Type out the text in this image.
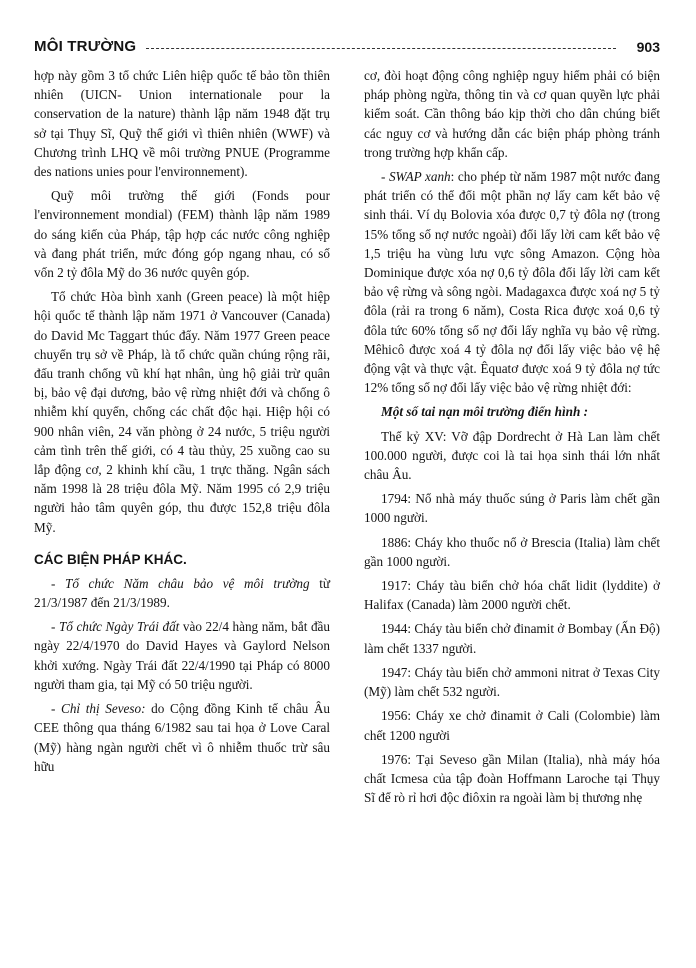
MÔI TRƯỜNG	903

hợp này gồm 3 tổ chức Liên hiệp quốc tế bảo tồn thiên nhiên (UICN- Union internationale pour la conservation de la nature) thành lập năm 1948 đặt trụ sở tại Thụy Sĩ, Quỹ thế giới vì thiên nhiên (WWF) và Chương trình LHQ về môi trường PNUE (Programme des nations unies pour l'environnement).

Quỹ môi trường thế giới (Fonds pour l'environnement mondial) (FEM) thành lập năm 1989 do sáng kiến của Pháp, tập hợp các nước công nghiệp và đang phát triển, mức đóng góp ngang nhau, có số vốn 2 tỷ đôla Mỹ do 36 nước quyên góp.

Tổ chức Hòa bình xanh (Green peace) là một hiệp hội quốc tế thành lập năm 1971 ở Vancouver (Canada) do David Mc Taggart thúc đẩy. Năm 1977 Green peace chuyển trụ sở về Pháp, là tổ chức quần chúng rộng rãi, đấu tranh chống vũ khí hạt nhân, ủng hộ giải trừ quân bị, bảo vệ đại dương, bảo vệ rừng nhiệt đới và chống ô nhiễm khí quyển, chống các chất độc hại. Hiệp hội có 900 nhân viên, 24 văn phòng ở 24 nước, 5 triệu người cảm tình trên thế giới, có 4 tàu thủy, 25 xuồng cao su lắp động cơ, 2 khinh khí cầu, 1 trực thăng. Ngân sách năm 1998 là 28 triệu đôla Mỹ. Năm 1995 có 2,9 triệu người hảo tâm quyên góp, thu được 152,8 triệu đôla Mỹ.

CÁC BIỆN PHÁP KHÁC.

- Tổ chức Năm châu bảo vệ môi trường từ 21/3/1987 đến 21/3/1989.

- Tổ chức Ngày Trái đất vào 22/4 hàng năm, bắt đầu ngày 22/4/1970 do David Hayes và Gaylord Nelson khởi xướng. Ngày Trái đất 22/4/1990 tại Pháp có 8000 người tham gia, tại Mỹ có 50 triệu người.

- Chỉ thị Seveso: do Cộng đồng Kinh tế châu Âu CEE thông qua tháng 6/1982 sau tai họa ở Love Caral (Mỹ) hàng ngàn người chết vì ô nhiễm thuốc trừ sâu hữu

cơ, đòi hoạt động công nghiệp nguy hiểm phải có biện pháp phòng ngừa, thông tin và cơ quan quyền lực phải kiểm soát. Cần thông báo kịp thời cho dân chúng biết các nguy cơ và hướng dẫn các biện pháp phòng tránh trong trường hợp khẩn cấp.

- SWAP xanh: cho phép từ năm 1987 một nước đang phát triển có thể đổi một phần nợ lấy cam kết bảo vệ sinh thái. Ví dụ Bolovia xóa được 0,7 tỷ đôla nợ (trong 15% tổng số nợ nước ngoài) đổi lấy lời cam kết bảo vệ 1,5 triệu ha vùng lưu vực sông Amazon. Cộng hòa Dominique được xóa nợ 0,6 tỷ đôla đổi lấy lời cam kết bảo vệ rừng và sông ngòi. Madagaxca được xoá nợ 5 tỷ đôla (rải ra trong 6 năm), Costa Rica được xoá 0,6 tỷ đôla tức 60% tổng số nợ đổi lấy nghĩa vụ bảo vệ rừng. Mêhicô được xoá 4 tỷ đôla nợ đổi lấy việc bảo vệ hệ động vật và thực vật. Êquatơ được xoá 9 tỷ đôla nợ tức 12% tổng số nợ đổi lấy việc bảo vệ rừng nhiệt đới:

Một số tai nạn môi trường điển hình :

Thế kỷ XV: Vỡ đập Dordrecht ở Hà Lan làm chết 100.000 người, được coi là tai họa sinh thái lớn nhất châu Âu.

1794: Nổ nhà máy thuốc súng ở Paris làm chết gần 1000 người.

1886: Cháy kho thuốc nổ ở Brescia (Italia) làm chết gần 1000 người.

1917: Cháy tàu biển chở hóa chất lidit (lyddite) ở Halifax (Canada) làm 2000 người chết.

1944: Cháy tàu biển chở đinamit ở Bombay (Ấn Độ) làm chết 1337 người.

1947: Cháy tàu biển chở ammoni nitrat ở Texas City (Mỹ) làm chết 532 người.

1956: Cháy xe chở đinamit ở Cali (Colombie) làm chết 1200 người

1976: Tại Seveso gần Milan (Italia), nhà máy hóa chất Icmesa của tập đoàn Hoffmann Laroche tại Thụy Sĩ để rò rỉ hơi độc điôxin ra ngoài làm bị thương nhẹ
